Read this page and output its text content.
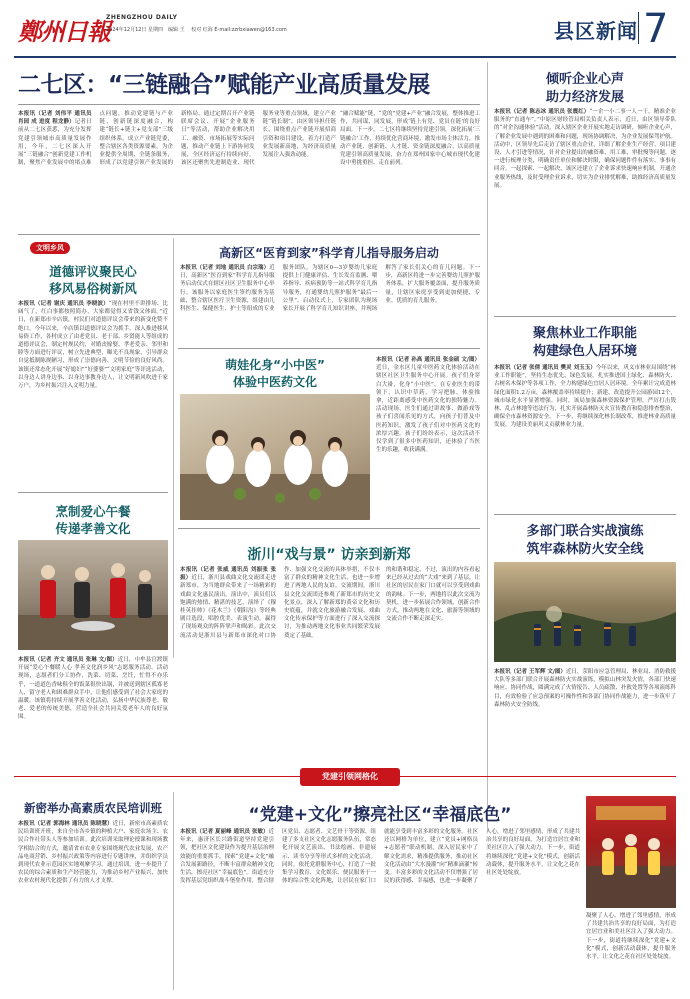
鄭州日報
ZHENGZHOU DAILY
2024年12月12日 星期四　编辑 王　 校对 红海 E-mail:zzrbxiawen@163.com	县区新闻 7
二七区：“三链融合”赋能产业高质量发展
本报讯（记者 刘伟平 通讯员 肖园 成 进度 程龙静）记者日前从二七区获悉，为充分发挥党建引领城市高质量发展作用，今年，二七区深入开展“三链融合”创新党建工作机制，聚焦产业发展中的堵点难点问题，推动党建链与产业链、创新链深度融合，构建“链长+链主+党支部”三级组织体系，成立产业链党委，整合辖区各类资源要素，为企业提供全周期、全链条服务，形成了以党建引领产业发展的新格局。通过定期召开产业链联席会议、开展“企业服务日”等活动，帮助企业解决用工、融资、市场拓展等实际问题，推动产业链上下游协同发展，全区经济运行持续向好。该区还聚焦先进制造业、现代服务业等重点领域，建立产业链“链长制”，由区领导担任链长，围绕重点产业链开展招商引资和项目建设，着力打造产业发展新高地，为经济高质量发展注入强劲动能。
“融合赋能”链，“党的”党建+产业“融合发展，整体推进工作，共同谋、同发展，形成‘链上有党、党员在链’的良好局面。下一步，二七区将继续坚持党建引领，深化拓展‘三链融合’工作，持续优化营商环境，激发市场主体活力，推动产业链、创新链、人才链、资金链深度融合，以高质量党建引领高质量发展，奋力在郑州国家中心城市现代化建设中勇挑重担、走在前列。
倾听企业心声
助力经济发展
本报讯（记者 陈志冰 通讯员 张震红）“一企一小二事一人一干，精准企业服务的“直通车”。”中原区财经管局相关负责人表示，近日，由区领导带队的“对企沟通体验”活动，深入辖区企业开展实地走访调研，倾听企业心声，了解企业发展中遇到的困难和问题，现场协调解决，为企业发展保驾护航。活动中，区领导先后走访了辖区重点企业，详细了解企业生产经营、项目建设、人才引进等情况，针对企业提出的融资难、用工难、审批慢等问题，逐一进行梳理分类，明确责任单位和解决时限，确保问题件件有落实、事事有回音。一起探索、一起解决，该区还建立了企业诉求快速响应机制，开通企业服务热线，及时受理企业诉求，切实为企业排忧解难，助推经济高质量发展。
聚焦林业工作职能
构建绿色人居环境
本报讯（记者 张倩 通讯员 樊灵 刘玉玉）今年以来，巩义市林业局围绕“林业工作职能”，坚持生态优先、绿色发展，扎实推进国土绿化、森林防火、古树名木保护等各项工作，全力构建绿色宜居人居环境。全年累计完成造林绿化面积1.2万亩，森林覆盖率持续提升；新建、改造提升公园游园12个，城市绿化水平显著增强。同时，该局加强森林资源保护管理，严厉打击毁林、乱占林地等违法行为，扎实开展森林防灭火宣传教育和隐患排查整治，确保全市森林资源安全。下一步，将继续深化林长制改革，推进林业高质量发展，为建设美丽巩义贡献林业力量。
多部门联合实战演练
筑牢森林防火安全线
本报讯（记者 王军辉 文/图）近日，荥阳市应急管理局、林业局、消防救援大队等多部门联合开展森林防火实战演练，模拟山林突发火情，各部门快速响应、协同作战，圆满完成了火情报告、人员疏散、扑救处置等各项演练科目，有效检验了应急预案的可操作性和各部门协同作战能力，进一步筑牢了森林防火安全防线。
文明乡风
道德评议聚民心
移风易俗树新风
本报讯（记者 谢庆 通讯员 李晓波）“现在村里不讲排场、比阔气了，红白事都按照简办，大家都觉得又省钱又体面。”近日，在新郑市辛店镇，村民们对道德评议会带来的新变化赞不绝口。今年以来，辛店镇以道德评议会为抓手，深入推进移风易俗工作，各村成立了由老党员、老干部、乡贤能人等组成的道德评议会，制定村规民约，对婚丧嫁娶、孝老爱亲、邻里和睦等方面进行评议，树立先进典型，曝光不良现象，引导群众自觉抵制陈规陋习，形成了崇德向善、文明节俭的良好风尚。该镇还常态化开展“好媳妇”“好婆婆”“文明家庭”等评选活动，以身边人讲身边事、以身边事教身边人，让文明新风吹进千家万户，为乡村振兴注入文明力量。
高新区“医育到家”科学育儿指导服务启动
本报讯（记者 刘地 通讯员 白宗瑞）近日，高新区“医育到家”科学育儿指导服务启动仪式在辖区社区卫生服务中心举行。该服务以家庭医生签约服务为基础，整合辖区医疗卫生资源，组建由儿科医生、保健医生、护士等组成的专业服务团队，为辖区0—3岁婴幼儿家庭提供上门健康评估、生长发育监测、喂养指导、疾病预防等一站式科学育儿指导服务，打通婴幼儿照护服务“最后一公里”。启动仪式上，专家团队为现场家长开展了科学育儿知识讲座，并现场解答了家长们关心的育儿问题。下一步，高新区将进一步完善婴幼儿照护服务体系，扩大服务覆盖面，提升服务质量，让辖区家庭享受到更加便捷、专业、优质的育儿服务。
萌娃化身“小中医”
体验中医药文化
本报讯（记者 孙高 通讯员 张金硕 文/图）近日，金水区儿童中医药文化体验活动在辖区社区卫生服务中心开展。孩子们身穿白大褂，化身“小中医”，在专业医生的带领下，认识中草药、学习把脉、体验推拿，近距离感受中医药文化的独特魅力。活动现场，医生们通过讲故事、做游戏等孩子们喜闻乐见的方式，向孩子们普及中医药知识，激发了孩子们对中医药文化的浓厚兴趣。孩子们纷纷表示，这次活动不仅学到了很多中医药知识，还体验了当医生的乐趣，收获满满。
烹制爱心午餐
传递孝善文化
本报讯（记者 齐文 通讯员 张琳 文/图）近日，中牟县官渡镇开展“爱心午餐暖人心 孝善文化润乡风”志愿服务活动。活动现场，志愿者们分工协作，洗菜、切菜、烹饪，忙得不亦乐乎，一道道色香味俱全的饭菜很快出锅，并被送到辖区孤寡老人、留守老人和困难群众手中，让他们感受到了社会大家庭的温暖。该镇将持续开展孝善文化活动，弘扬中华民族尊老、敬老、爱老的传统美德，营造全社会共同关爱老年人的良好氛围。
浙川“戏与景” 访亲到新郑
本报讯（记者 张威 通讯员 刘振张 张振）近日，浙川县戏曲文化交流团走进新郑市，为当地群众带来了一场精彩的戏曲文化惠民演出。演出中，演员们以饱满的热情、精湛的技艺，演绎了《穆桂英挂帅》《花木兰》《朝阳沟》等经典剧目选段，唱腔优美、表演生动，赢得了现场观众的阵阵掌声和喝彩。此次交流活动是浙川县与新郑市深化对口协作、加强文化交流的具体举措，不仅丰富了群众的精神文化生活，也进一步增进了两地人民的友谊。交流期间，浙川县文化交流团还参观了新郑市的历史文化景点，深入了解新郑的黄帝文化和历史底蕴，并就文化旅游融合发展、戏曲文化传承保护等方面进行了深入交流探讨，为推动两地文化事业共同繁荣发展奠定了基础。
的和谐和稳定。不过，演出的内容看起来已经从过去的“大戏”来到了基层，让社区的居民在家门口就可以享受到戏曲的韵味。下一步，两地将以此次交流为契机，进一步拓展合作领域，创新合作方式，推动两地在文化、旅游等领域的交流合作不断走深走实。
党建引领网格化
新密举办高素质农民培训班
本报讯（记者 郭海林 通讯员 陈晓慧）近日，新密市高素质农民培训班开班，来自全市各乡镇的种植大户、家庭农场主、农民合作社带头人等参加培训。此次培训采取理论授课和现场教学相结合的方式，邀请省市农业专家围绕现代农业发展、农产品电商营销、乡村振兴政策等内容进行专题讲座，并组织学员到现代农业示范园区实地观摩学习。通过培训，进一步提升了农民的综合素质和生产经营能力，为推动乡村产业振兴、加快农业农村现代化提供了有力的人才支撑。
“党建+文化”擦亮社区“幸福底色”
本报讯（记者 夏丽峰 通讯员 张敏）近年来，惠济区长兴路街道坚持党建引领，把社区文化建设作为提升基层治理效能的重要抓手，探索“党建+文化”融合发展新路径，不断丰富群众精神文化生活，擦亮社区“幸福底色”。街道充分发挥基层党组织战斗堡垒作用，整合辖区党员、志愿者、文艺骨干等资源，组建了多支社区文化志愿服务队伍，常态化开展文艺演出、书法绘画、非遗展示、读书分享等形式多样的文化活动。同时，依托党群服务中心，打造了一批集学习教育、文化娱乐、便民服务于一体的综合性文化阵地，让居民在家门口就能享受到丰富多彩的文化服务。社区还以网格为单位，建立“党员+网格员+志愿者”联动机制，深入居民家中了解文化需求，精准提供服务，推动社区文化活动由“大水漫灌”向“精准滴灌”转变。丰富多彩的文化活动不仅增强了居民的获得感、幸福感，也进一步凝聚了人心，增进了邻里感情，形成了共建共治共享的良好局面，为打造宜居宜业和美社区注入了强大动力。下一步，街道将继续深化“党建+文化”模式，创新活动载体，提升服务水平，让文化之花在社区处处绽放。
凝聚了人心，增进了邻里感情，形成了共建共治共享的良好局面，为打造宜居宜业和美社区注入了强大动力。下一步，街道将继续深化“党建+文化”模式，创新活动载体，提升服务水平，让文化之花在社区处处绽放。
